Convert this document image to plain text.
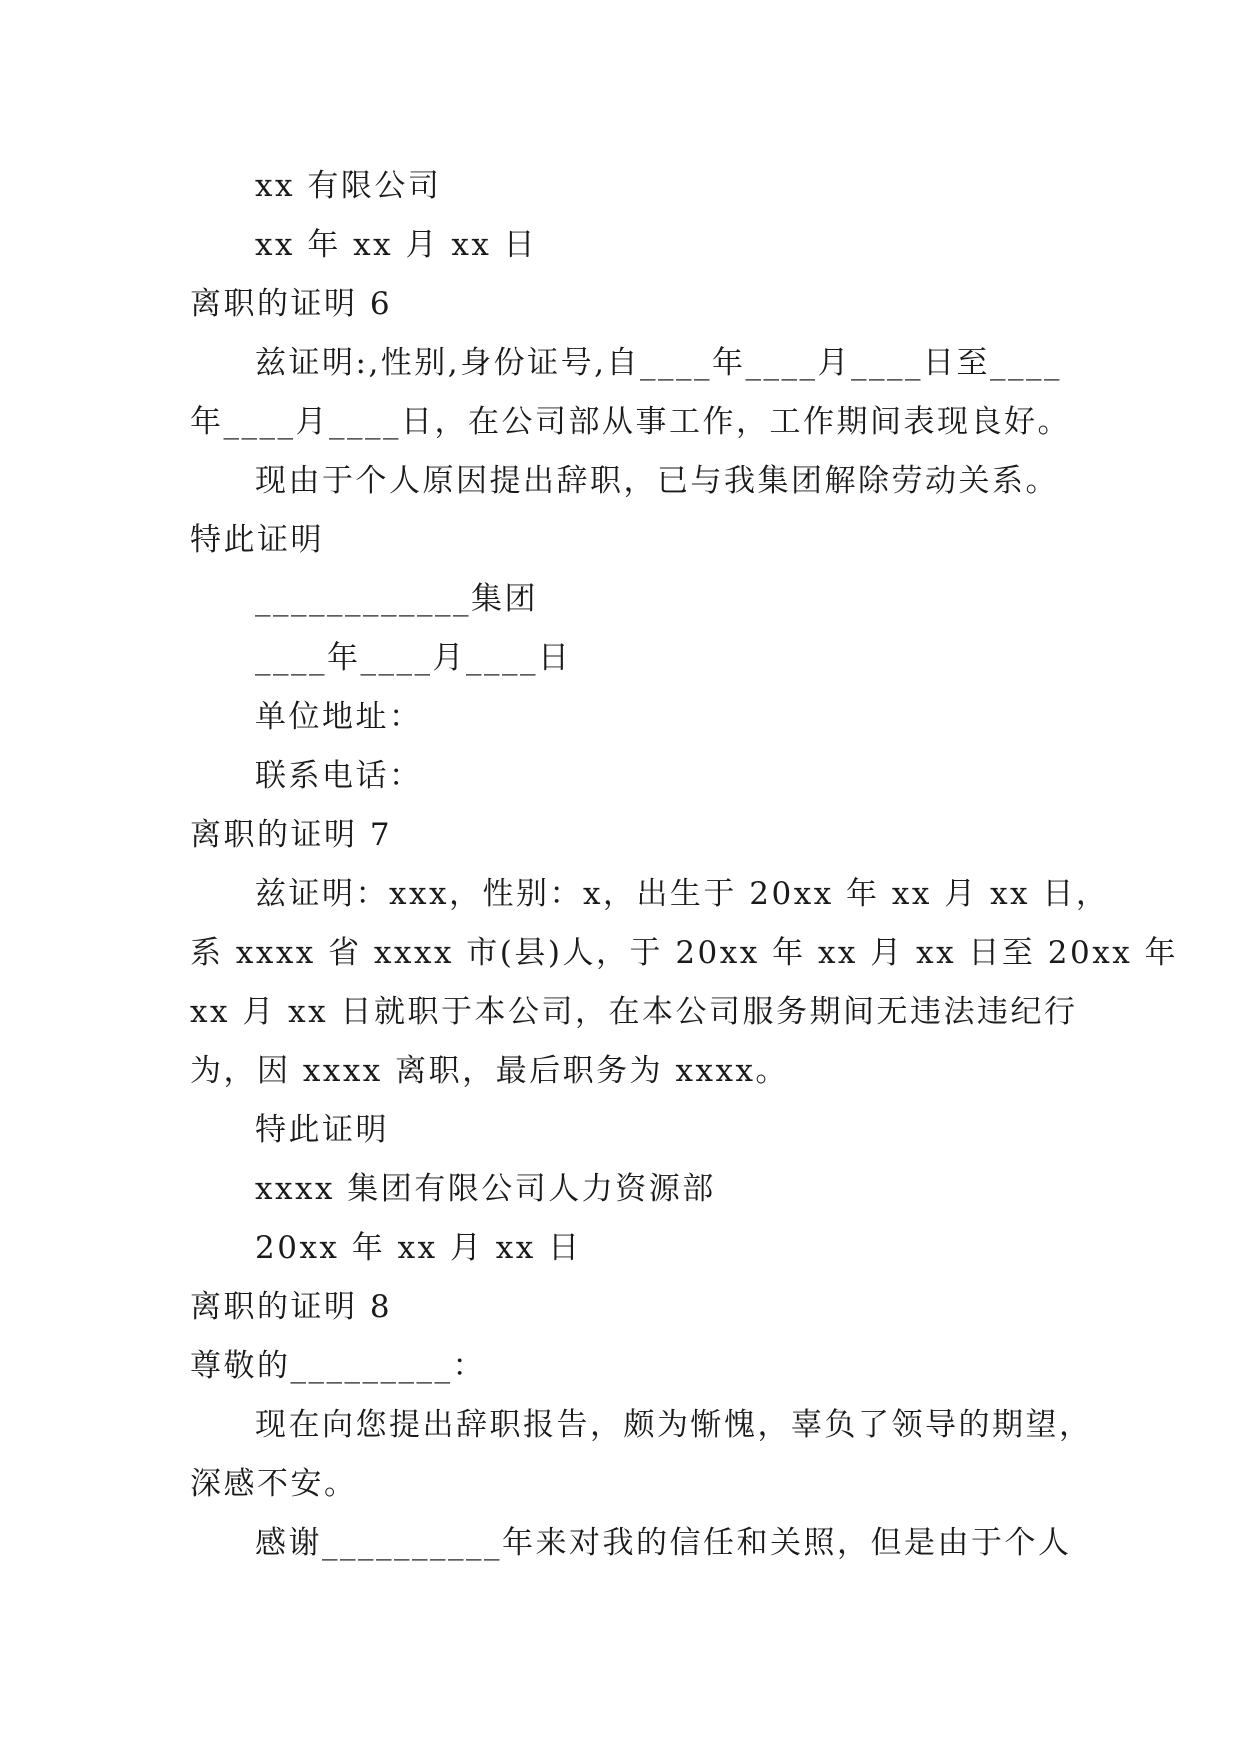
xx 有限公司
xx 年 xx 月 xx 日
离职的证明 6
兹证明:,性别,身份证号,自____年____月____日至____
年____月____日，在公司部从事工作，工作期间表现良好。
现由于个人原因提出辞职，已与我集团解除劳动关系。
特此证明
____________集团
____年____月____日
单位地址：
联系电话：
离职的证明 7
兹证明：xxx，性别：x，出生于 20xx 年 xx 月 xx 日，
系 xxxx 省 xxxx 市(县)人，于 20xx 年 xx 月 xx 日至 20xx 年
xx 月 xx 日就职于本公司，在本公司服务期间无违法违纪行
为，因 xxxx 离职，最后职务为 xxxx。
特此证明
xxxx 集团有限公司人力资源部
20xx 年 xx 月 xx 日
离职的证明 8
尊敬的_________：
现在向您提出辞职报告，颇为惭愧，辜负了领导的期望，
深感不安。
感谢__________年来对我的信任和关照，但是由于个人
